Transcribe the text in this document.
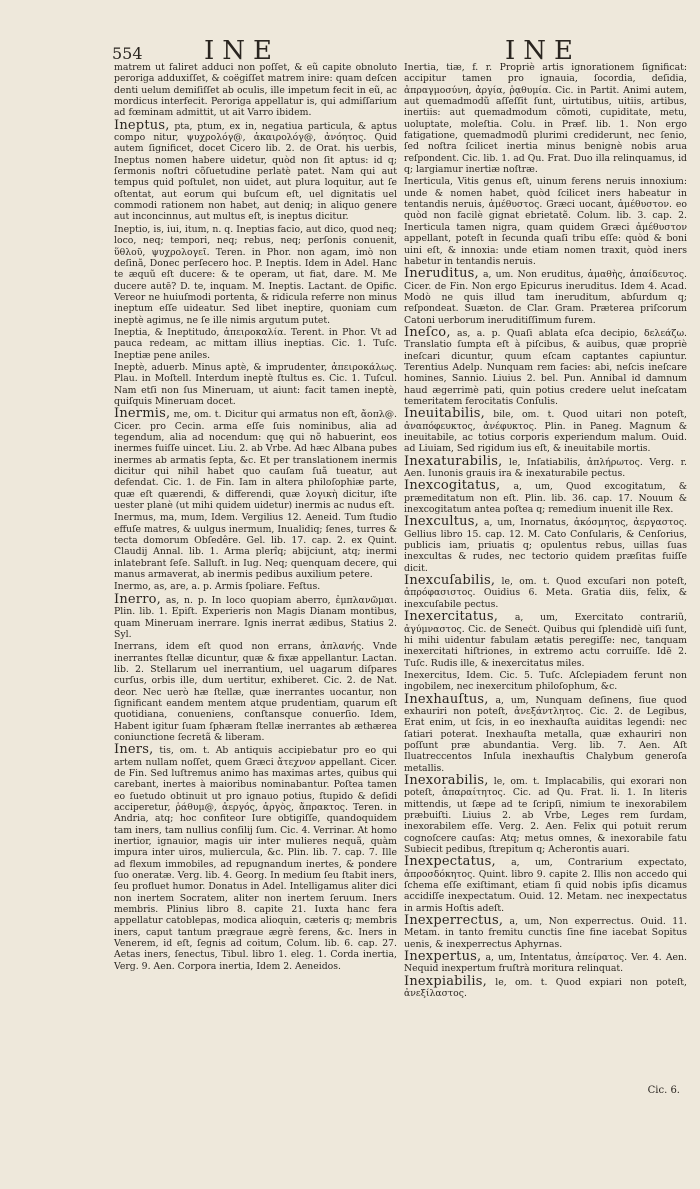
554 INE	INE

matrem ut faliret adduci non poſſet, & eũ capite obnoluto peroriga adduxiſſet, & coëgiſſet matrem inire: quam deſcen denti uelum demiſiſſet ab oculis, ille impetum fecit in eũ, ac mordicus interfecit. Peroriga appellatur is, qui admiſſarium ad fœminam admittit, ut ait Varro ibidem.

Ineptus, pta, ptum, ex in, negatiua particula, & aptus compo nitur, ψυχρολόγ@, ἀκαιρολόγ@, ἀνόητος. Quid autem ſignificet, docet Cicero lib. 2. de Orat. his uerbis, Ineptus nomen habere uidetur, quòd non ſit aptus: id q; ſermonis noſtri cõſuetudine perlatè patet. Nam qui aut tempus quid poſtulet, non uidet, aut plura loquitur, aut ſe oſtentat, aut eorum qui buſcum eſt, uel dignitatis uel commodi rationem non habet, aut deniq; in aliquo genere aut inconcinnus, aut multus eſt, is ineptus dicitur.

Ineptio, is, iui, itum, n. q. Ineptias facio, aut dico, quod neq; loco, neq; tempori, neq; rebus, neq; perſonis conuenit, ὕθλοῦ, ψυχρολογεῖ. Teren. in Phor. non agam, imò non deſinã, Donec perſecero hoc. P. Ineptis. Idem in Adel. Hanc te æquũ eſt ducere: & te operam, ut fiat, dare. M. Me ducere autē? D. te, inquam. M. Ineptis. Lactant. de Opific. Vereor ne huiuſmodi portenta, & ridicula referre non minus ineptum eſſe uideatur. Sed libet ineptire, quoniam cum ineptè agimus, ne ſe ille nimis argutum putet.

Ineptia, & Ineptitudo, ἀπειροκαλία. Terent. in Phor. Vt ad pauca redeam, ac mittam illius ineptias. Cic. 1. Tuſc. Ineptiæ pene aniles.

Ineptè, aduerb. Minus aptè, & imprudenter, ἀπειροκάλως. Plau. in Moſtell. Interdum ineptè ſtultus es. Cic. 1. Tuſcul. Nam etſi non ſus Mineruam, ut aiunt: facit tamen ineptè, quiſquis Mineruam docet.

Inermis, me, om. t. Dicitur qui armatus non eſt, ἄοπλ@. Cicer. pro Cecin. arma eſſe ſuis nominibus, alia ad tegendum, alia ad nocendum: quę qui nõ habuerint, eos inermes fuiſſe uincet. Liu. 2. ab Vrbe. Ad hæc Albana pubes inermes ab armatis ſepta, &c. Et per translationem inermis dicitur qui nihil habet quo cauſam ſuã tueatur, aut defendat. Cic. 1. de Fin. Iam in altera philoſophiæ parte, quæ eſt quærendi, & differendi, quæ λογικὴ dicitur, iſte uester planè (ut mihi quidem uidetur) inermis ac nudus eſt.

Inermus, ma, mum, Idem. Vergilius 12. Aeneid. Tum ſtudio effuſe matres, & uulgus inermum, Inualidiq; ſenes, turres & tecta domorum Obſedêre. Gel. lib. 17. cap. 2. ex Quint. Claudij Annal. lib. 1. Arma plerîq; abijciunt, atq; inermi inlatebrant ſeſe. Salluſt. in Iug. Neq; quenquam decere, qui manus armaverat, ab inermis pedibus auxilium petere.

Inermo, as, are, a. p. Armis ſpoliare. Feſtus.

Inerro, as, n. p. In loco quopiam aberro, ἐμπλανῶμαι. Plin. lib. 1. Epiſt. Experieris non Magis Dianam montibus, quam Mineruam inerrare. Ignis inerrat ædibus, Statius 2. Syl.

Inerrans, idem eſt quod non errans, ἀπλανής. Vnde inerrantes ſtellæ dicuntur, quæ & fixæ appellantur. Lactan. lib. 2. Stellarum uel inerrantium, uel uagarum diſpares curſus, orbis ille, dum uertitur, exhiberet. Cic. 2. de Nat. deor. Nec uerò hæ ſtellæ, quæ inerrantes uocantur, non ſignificant eandem mentem atque prudentiam, quarum eſt quotidiana, conueniens, conſtansque conuerſio. Idem, Habent igitur ſuam ſphæram ſtellæ inerrantes ab æthærea coniunctione ſecretã & liberam.

Iners, tis, om. t. Ab antiquis accipiebatur pro eo qui artem nullam noſſet, quem Græci ἄτεχνον appellant. Cicer. de Fin. Sed luſtremus animo has maximas artes, quibus qui carebant, inertes à maioribus nominabantur. Poſtea tamen eo ſuetudo obtinuit ut pro ignauo potius, ſtupido & deſidi acciperetur, ῥάθυμ@, ἀεργός, ἀργὸς, ἄπρακτος. Teren. in Andria, atq; hoc confiteor Iure obtigiſſe, quandoquidem tam iners, tam nullius conſilij ſum. Cic. 4. Verrinar. At homo inertior, ignauior, magis uir inter mulieres nequã, quàm impura inter uiros, muliercula, &c. Plin. lib. 7. cap. 7. Ille ad flexum immobiles, ad repugnandum inertes, & pondere ſuo oneratæ. Verg. lib. 4. Georg. In medium ſeu ſtabit iners, ſeu profluet humor. Donatus in Adel. Intelligamus aliter dici non inertem Socratem, aliter non inertem ſeruum. Iners membris. Plinius libro 8. capite 21. Iuxta hanc fera appellatur catoblepas, modica alioquin, cæteris q; membris iners, caput tantum prægraue ægrè ferens, &c. Iners in Venerem, id eſt, ſegnis ad coitum, Colum. lib. 6. cap. 27. Aetas iners, ſenectus, Tibul. libro 1. eleg. 1. Corda inertia, Verg. 9. Aen. Corpora inertia, Idem 2. Aeneidos.

Inertia, tiæ, f. r. Propriè artis ignorationem ſignificat: accipitur tamen pro ignauia, ſocordia, deſidia, ἀπραγμοσύνη, ἀργία, ῥᾳθυμία. Cic. in Partit. Animi autem, aut quemadmodũ aſſeſſit ſunt, uirtutibus, uitiis, artibus, inertiis: aut quemadmodum cõmoti, cupiditate, metu, uoluptate, moleſtia. Colu. in Præf. lib. 1. Non ergo fatigatione, quemadmodũ plurimi crediderunt, nec ſenio, ſed noſtra ſcilicet inertia minus benignè nobis arua reſpondent. Cic. lib. 1. ad Qu. Frat. Duo illa relinquamus, id q; largiamur inertiæ noſtræ.

Inerticula, Vitis genus eſt, uinum ferens neruis innoxium: unde & nomen habet, quòd ſcilicet iners habeatur in tentandis neruis, ἀμέθυστος. Græci uocant, ἀμέθυστον. eo quòd non facilè gignat ebrietatẽ. Colum. lib. 3. cap. 2. Inerticula tamen nigra, quam quidem Græci ἀμέθυστον appellant, poteſt in ſecunda quaſi tribu eſſe: quòd & boni uini eſt, & innoxia: unde etiam nomen traxit, quòd iners habetur in tentandis neruis.

Ineruditus, a, um. Non eruditus, ἀμαθὴς, ἀπαίδευτος. Cicer. de Fin. Non ergo Epicurus ineruditus. Idem 4. Acad. Modò ne quis illud tam ineruditum, abſurdum q; reſpondeat. Suæton. de Clar. Gram. Præterea priſcorum Catoni uerborum ineruditiſſimum furem.

Ineſco, as, a. p. Quaſi ablata eſca decipio, δελεάζω. Translatio ſumpta eſt à piſcibus, & auibus, quæ propriè ineſcari dicuntur, quum eſcam captantes capiuntur. Terentius Adelp. Nunquam rem facies: abi, neſcis ineſcare homines, Sannio. Liuius 2. bel. Pun. Annibal id damnum haud ægerrimè pati, quin potius credere uelut ineſcatam temeritatem ferocitatis Conſulis.

Ineuitabilis, bile, om. t. Quod uitari non poteſt, ἀναπόφευκτος, ἀνέφυκτος. Plin. in Paneg. Magnum & ineuitabile, ac totius corporis experiendum malum. Ouid. ad Liuiam, Sed rigidum ius eſt, & ineuitabile mortis.

Inexaturabilis, le, Inſatiabilis, ἀπλήρωτος. Verg. r. Aen. Iunonis grauis ira & inexaturabile pectus.

Inexcogitatus, a, um, Quod excogitatum, & præmeditatum non eſt. Plin. lib. 36. cap. 17. Nouum & inexcogitatum antea poſtea q; remedium inuenit ille Rex.

Inexcultus, a, um, Inornatus, ἀκόσμητος, ἀεργαστος. Gellius libro 15. cap. 12. M. Cato Conſularis, & Cenſorius, publicis iam, priuatis q; opulentus rebus, uillas ſuas inexcultas & rudes, nec tectorio quidem præſitas fuiſſe dicit.

Inexcuſabilis, le, om. t. Quod excuſari non poteſt, ἀπρόφασιστος. Ouidius 6. Meta. Gratia diis, felix, & inexcuſabile pectus.

Inexercitatus, a, um, Exercitato contrariũ, ἀγύμναστος. Cic. de Seneċt. Quibus qui ſplendidè uiſi ſunt, hi mihi uidentur fabulam ætatis peregiſſe: nec, tanquam inexercitati hiſtriones, in extremo actu corruiſſe. Idē 2. Tuſc. Rudis ille, & inexercitatus miles.

Inexercitus, Idem. Cic. 5. Tuſc. Aſclepiadem ferunt non ingobilem, nec inexercitum philoſophum, &c.

Inexhauſtus, a, um, Nunquam deſinens, ſiue quod exhauriri non poteſt, ἀνεξάντλητος. Cic. 2. de Legibus, Erat enim, ut ſcis, in eo inexhauſta auiditas legendi: nec ſatiari poterat. Inexhauſta metalla, quæ exhauriri non poſſunt præ abundantia. Verg. lib. 7. Aen. Aſt Iluatreccentos Inſula inexhauſtis Chalybum generoſa metallis.

Inexorabilis, le, om. t. Implacabilis, qui exorari non poteſt, ἀπαραίτητος. Cic. ad Qu. Frat. li. 1. In literis mittendis, ut ſæpe ad te ſcripſi, nimium te inexorabilem præbuiſti. Liuius 2. ab Vrbe, Leges rem ſurdam, inexorabilem eſſe. Verg. 2. Aen. Felix qui potuit rerum cognoſcere cauſas: Atq; metus omnes, & inexorabile fatu Subiecit pedibus, ſtrepitum q; Acherontis auari.

Inexpectatus, a, um, Contrarium expectato, ἀπροσδόκητος. Quint. libro 9. capite 2. Illis non accedo qui ſchema eſſe exiſtimant, etiam ſi quid nobis ipſis dicamus accidiſſe inexpectatum. Ouid. 12. Metam. nec inexpectatus in armis Hoſtis adeſt.

Inexperrectus, a, um, Non experrectus. Ouid. 11. Metam. in tanto fremitu cunctis ſine fine iacebat Sopitus uenis, & inexperrectus Aphyrnas.

Inexpertus, a, um, Intentatus, ἀπείρατος. Ver. 4. Aen. Nequid inexpertum fruſtrà moritura relinquat.

Inexpiabilis, le, om. t. Quod expiari non poteſt, ἀνεξίλαστος.

Cic. 6.
